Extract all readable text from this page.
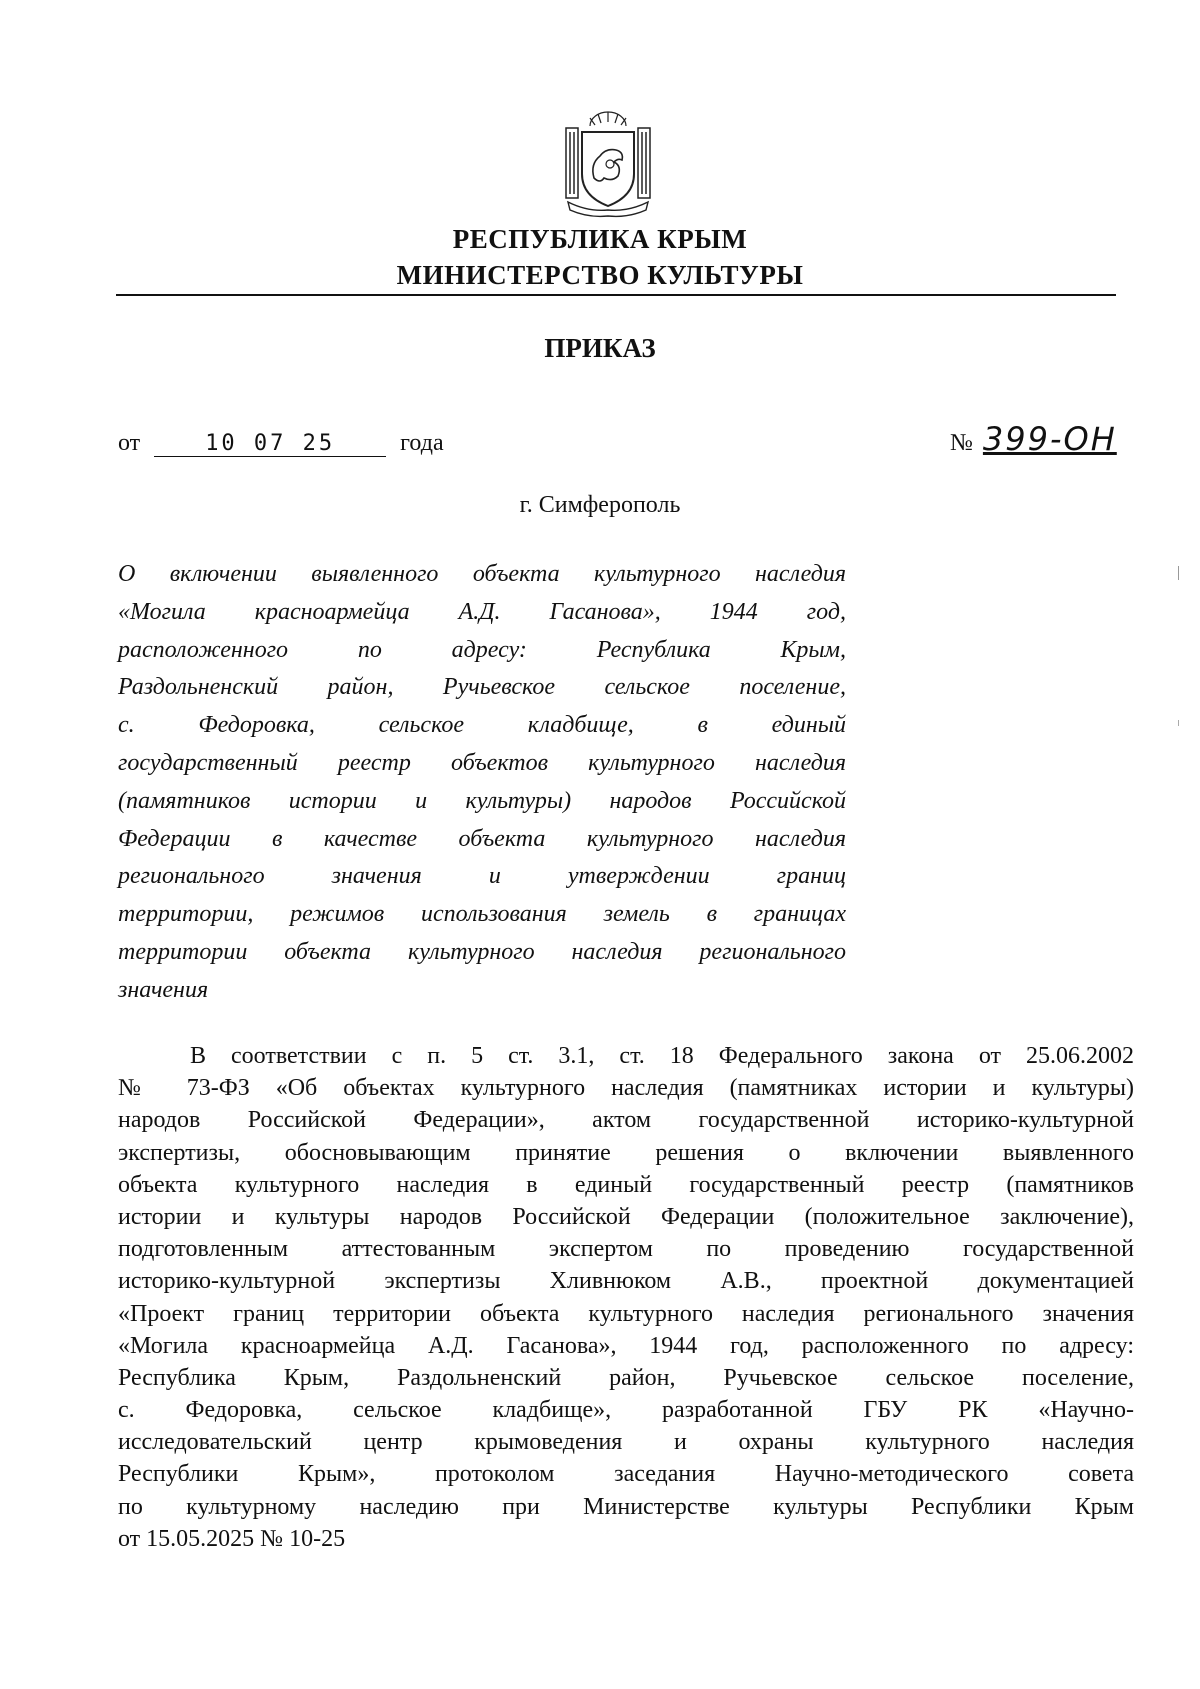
РЕСПУБЛИКА КРЫМ
МИНИСТЕРСТВО КУЛЬТУРЫ
ПРИКАЗ
от	10 07 25	года	№ 399-ОН
г. Симферополь
О включении выявленного объекта культурного наследия
«Могила красноармейца А.Д. Гасанова», 1944 год,
расположенного по адресу: Республика Крым,
Раздольненский район, Ручьевское сельское поселение,
с. Федоровка, сельское кладбище, в единый
государственный реестр объектов культурного наследия
(памятников истории и культуры) народов Российской
Федерации в качестве объекта культурного наследия
регионального значения и утверждении границ
территории, режимов использования земель в границах
территории объекта культурного наследия регионального
значения
В соответствии с п. 5 ст. 3.1, ст. 18 Федерального закона от 25.06.2002
№ 73-ФЗ «Об объектах культурного наследия (памятниках истории и культуры)
народов Российской Федерации», актом государственной историко-культурной
экспертизы, обосновывающим принятие решения о включении выявленного
объекта культурного наследия в единый государственный реестр (памятников
истории и культуры народов Российской Федерации (положительное заключение),
подготовленным аттестованным экспертом по проведению государственной
историко-культурной экспертизы Хливнюком А.В., проектной документацией
«Проект границ территории объекта культурного наследия регионального значения
«Могила красноармейца А.Д. Гасанова», 1944 год, расположенного по адресу:
Республика Крым, Раздольненский район, Ручьевское сельское поселение,
с. Федоровка, сельское кладбище», разработанной ГБУ РК «Научно-
исследовательский центр крымоведения и охраны культурного наследия
Республики Крым», протоколом заседания Научно-методического совета
по культурному наследию при Министерстве культуры Республики Крым
от 15.05.2025 № 10-25
